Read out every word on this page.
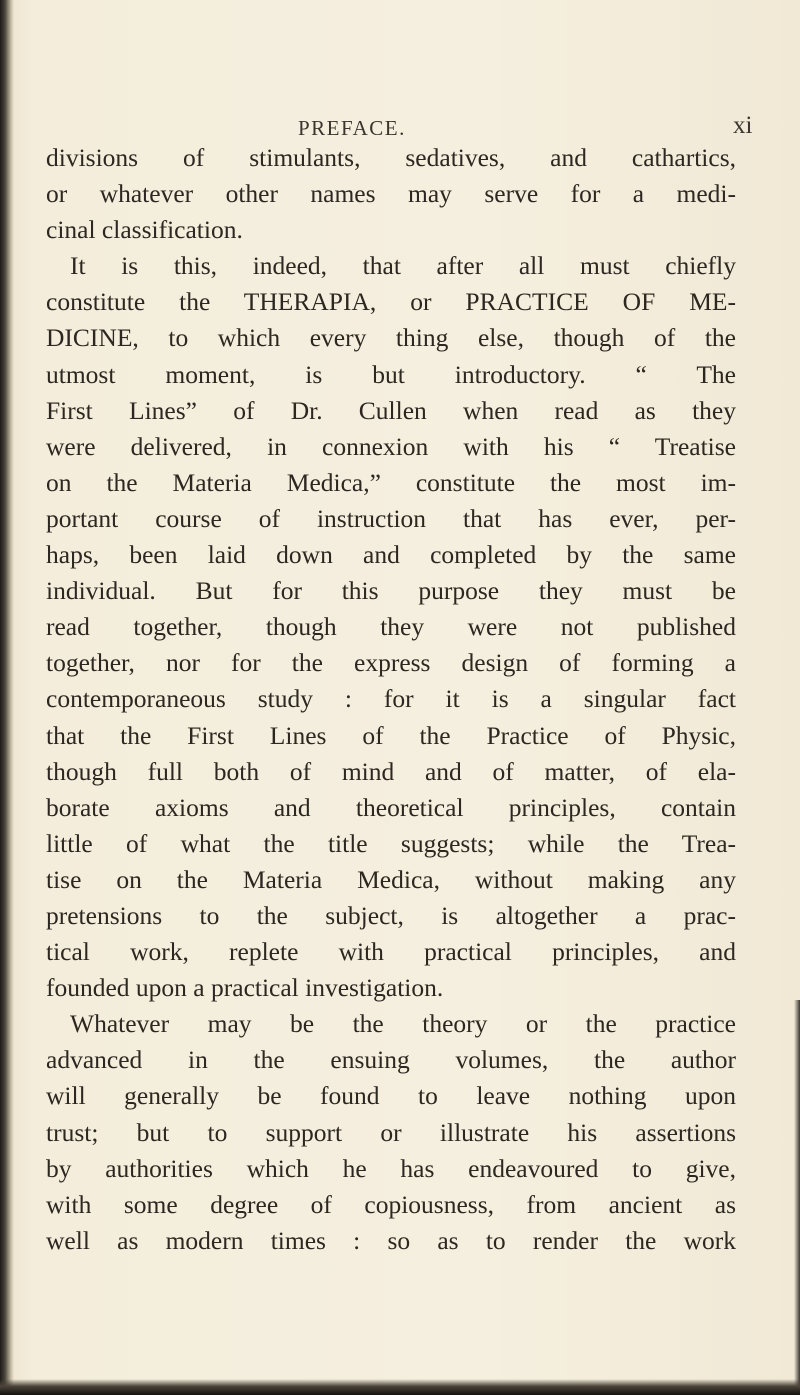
PREFACE.	xi
divisions of stimulants, sedatives, and cathartics,
or whatever other names may serve for a medi-
cinal classification.
It is this, indeed, that after all must chiefly
constitute the THERAPIA, or PRACTICE OF ME-
DICINE, to which every thing else, though of the
utmost moment, is but introductory. “ The
First Lines” of Dr. Cullen when read as they
were delivered, in connexion with his “ Treatise
on the Materia Medica,” constitute the most im-
portant course of instruction that has ever, per-
haps, been laid down and completed by the same
individual. But for this purpose they must be
read together, though they were not published
together, nor for the express design of forming a
contemporaneous study : for it is a singular fact
that the First Lines of the Practice of Physic,
though full both of mind and of matter, of ela-
borate axioms and theoretical principles, contain
little of what the title suggests; while the Trea-
tise on the Materia Medica, without making any
pretensions to the subject, is altogether a prac-
tical work, replete with practical principles, and
founded upon a practical investigation.
Whatever may be the theory or the practice
advanced in the ensuing volumes, the author
will generally be found to leave nothing upon
trust; but to support or illustrate his assertions
by authorities which he has endeavoured to give,
with some degree of copiousness, from ancient as
well as modern times : so as to render the work
